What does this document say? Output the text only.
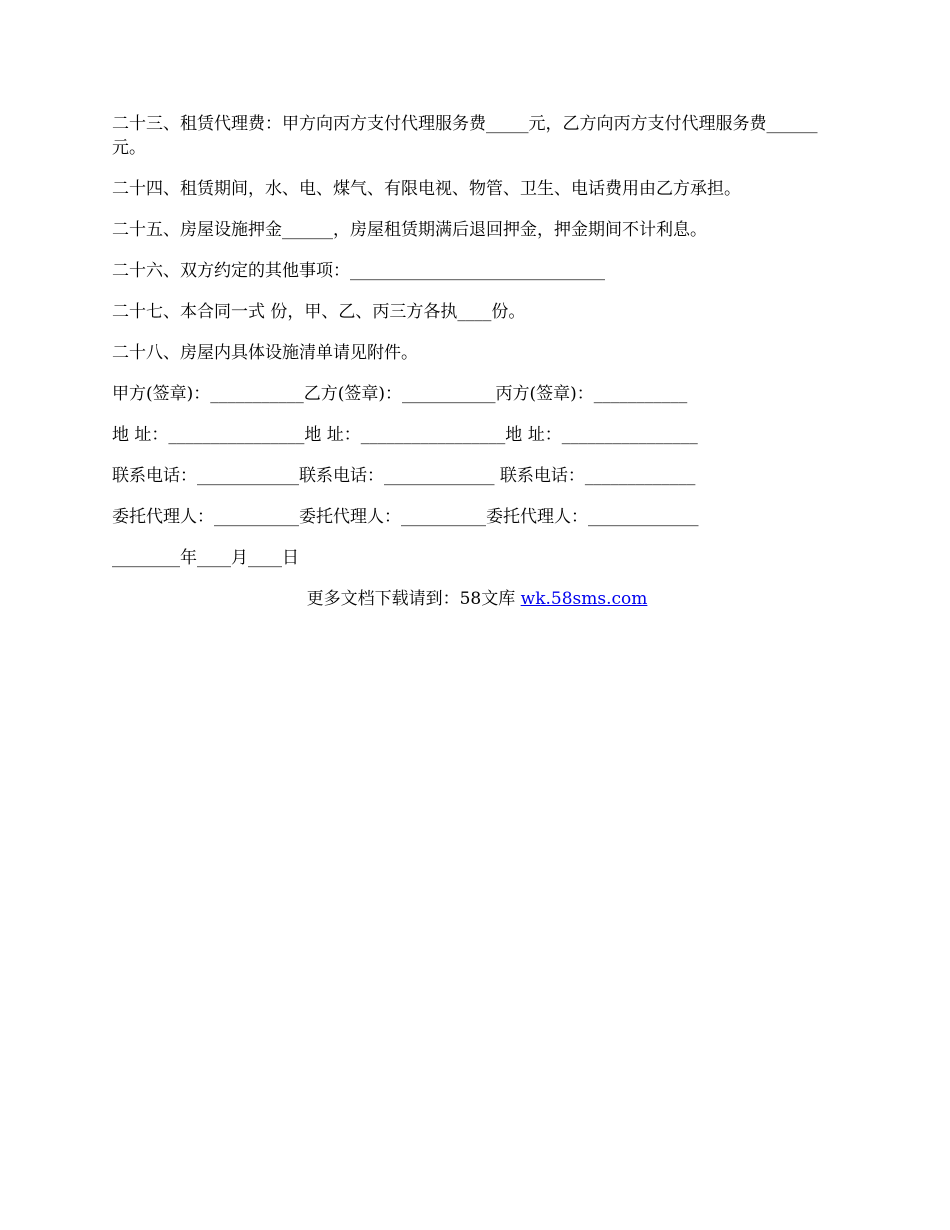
二十三、租赁代理费：甲方向丙方支付代理服务费_____元，乙方向丙方支付代理服务费______元。

二十四、租赁期间，水、电、煤气、有限电视、物管、卫生、电话费用由乙方承担。

二十五、房屋设施押金______，房屋租赁期满后退回押金，押金期间不计利息。

二十六、双方约定的其他事项：______________________________

二十七、本合同一式 份，甲、乙、丙三方各执____份。

二十八、房屋内具体设施清单请见附件。

甲方(签章)：___________乙方(签章)：___________丙方(签章)：___________

地 址：________________地 址：_________________地 址：________________

联系电话：____________联系电话：_____________ 联系电话：_____________

委托代理人：__________委托代理人：__________委托代理人：_____________

________年____月____日

更多文档下载请到：58文库 wk.58sms.com
